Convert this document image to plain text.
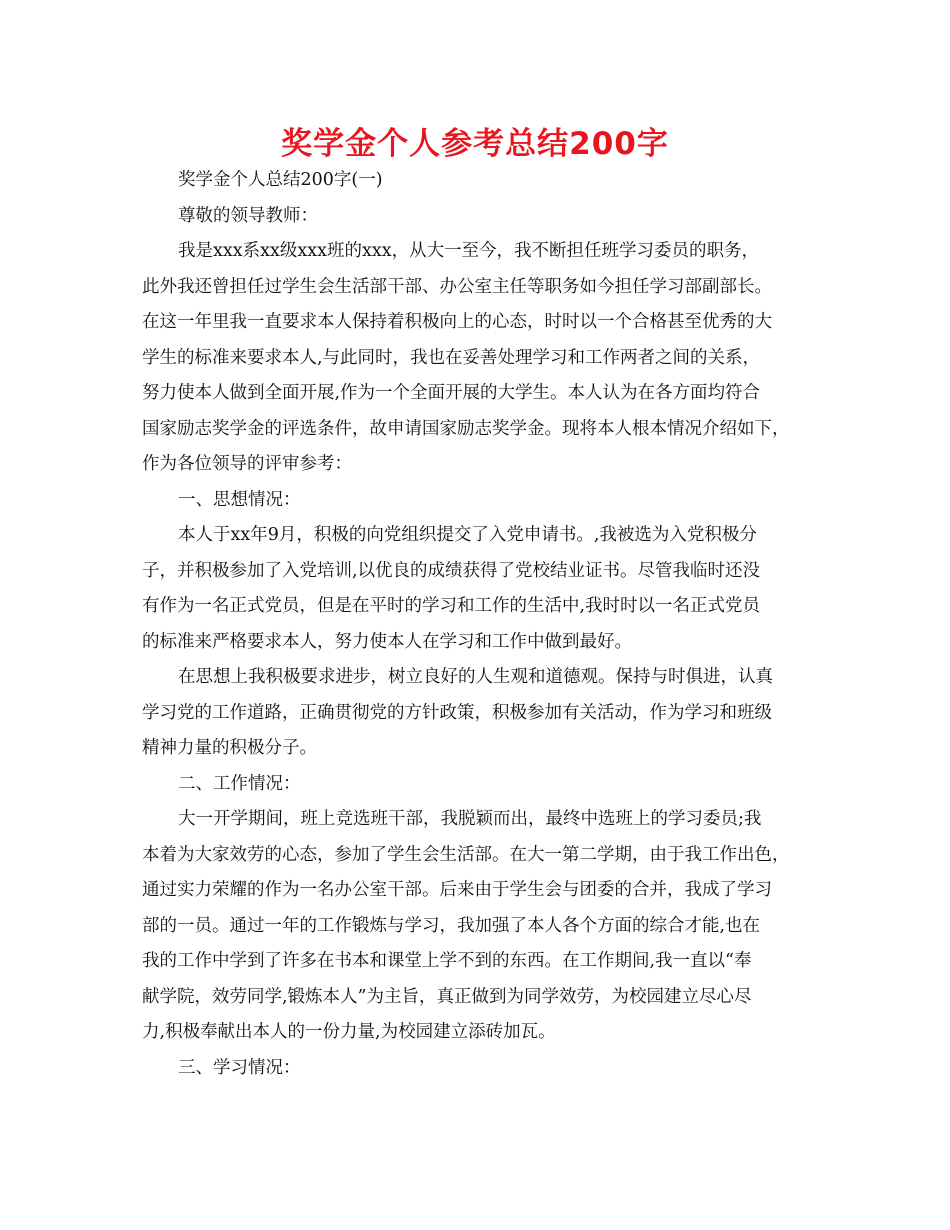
奖学金个人参考总结200字
奖学金个人总结200字(一)
尊敬的领导教师：
我是xxx系xx级xxx班的xxx，从大一至今，我不断担任班学习委员的职务，
此外我还曾担任过学生会生活部干部、办公室主任等职务如今担任学习部副部长。
在这一年里我一直要求本人保持着积极向上的心态，时时以一个合格甚至优秀的大
学生的标准来要求本人,与此同时，我也在妥善处理学习和工作两者之间的关系，
努力使本人做到全面开展,作为一个全面开展的大学生。本人认为在各方面均符合
国家励志奖学金的评选条件，故申请国家励志奖学金。现将本人根本情况介绍如下，
作为各位领导的评审参考：
一、思想情况：
本人于xx年9月，积极的向党组织提交了入党申请书。,我被选为入党积极分
子，并积极参加了入党培训,以优良的成绩获得了党校结业证书。尽管我临时还没
有作为一名正式党员，但是在平时的学习和工作的生活中,我时时以一名正式党员
的标准来严格要求本人，努力使本人在学习和工作中做到最好。
在思想上我积极要求进步，树立良好的人生观和道德观。保持与时俱进，认真
学习党的工作道路，正确贯彻党的方针政策，积极参加有关活动，作为学习和班级
精神力量的积极分子。
二、工作情况：
大一开学期间，班上竞选班干部，我脱颖而出，最终中选班上的学习委员;我
本着为大家效劳的心态，参加了学生会生活部。在大一第二学期，由于我工作出色，
通过实力荣耀的作为一名办公室干部。后来由于学生会与团委的合并，我成了学习
部的一员。通过一年的工作锻炼与学习，我加强了本人各个方面的综合才能,也在
我的工作中学到了许多在书本和课堂上学不到的东西。在工作期间,我一直以“奉
献学院，效劳同学,锻炼本人”为主旨，真正做到为同学效劳，为校园建立尽心尽
力,积极奉献出本人的一份力量,为校园建立添砖加瓦。
三、学习情况：
